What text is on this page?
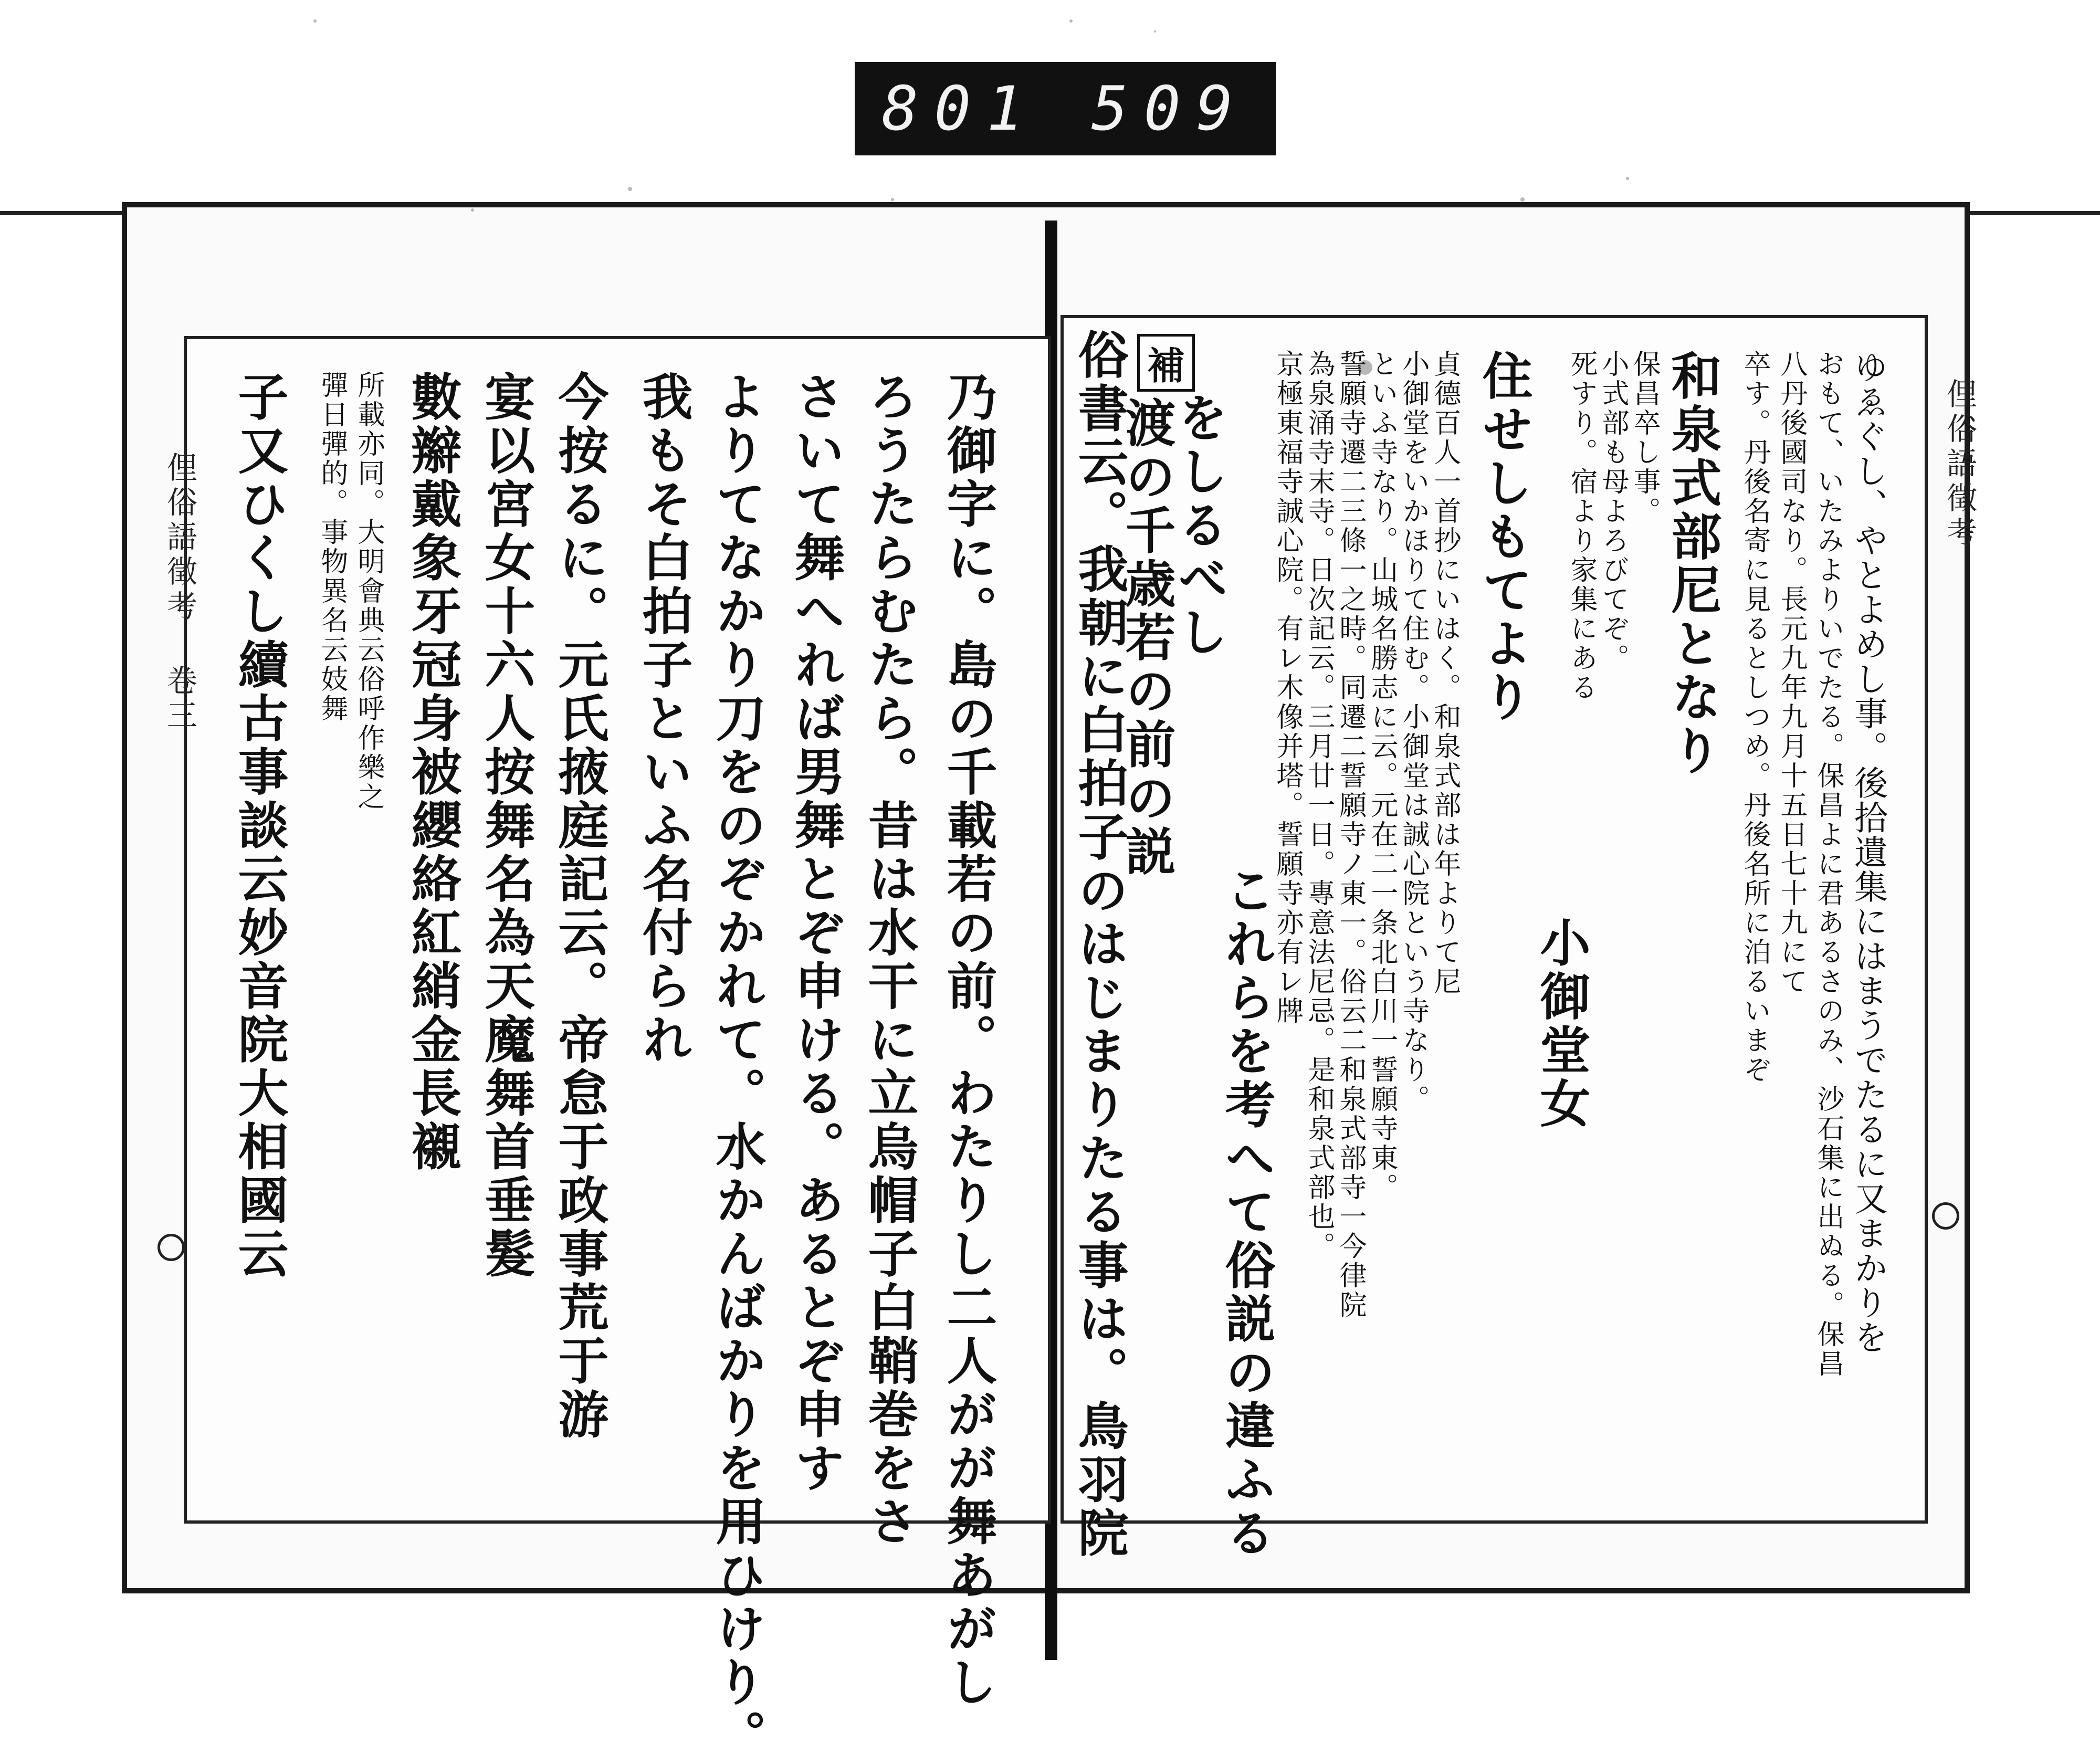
801 509
乃御字に。島の千載若の前。わたりし二人がが舞あがし
ろうたらむたら。昔は水干に立烏帽子白鞘巻をさ
さいて舞へれば男舞とぞ申ける。あるとぞ申す
よりてなかり刀をのぞかれて。水かんばかりを用ひけり。
我もそ白拍子といふ名付られ
今按るに。元氏掖庭記云。帝怠于政事荒于游
宴以宮女十六人按舞名為天魔舞首垂髮
數辮戴象牙冠身被纓絡紅綃金長襯
所載亦同。大明會典云俗呼作樂之
彈日彈的。事物異名云妓舞
子又ひくし續古事談云妙音院大相國云
俚俗語徵考 卷三	ゆゑぐし、やとよめし事。後拾遺集にはまうでたるに又まかりを
おもて、いたみよりいでたる。保昌よに君あるさのみ、沙石集に出ぬる。保昌
八丹後國司なり。長元九年九月十五日七十九にて
卒す。丹後名寄に見るとしつめ。丹後名所に泊るいまぞ
和泉式部尼となり
保昌卒し事。
小式部も母よろびてぞ。
死すり。宿より家集にある
小御堂女
住せしもてより
貞德百人一首抄にいはく。和泉式部は年よりて尼
小御堂をいかほりて住む。小御堂は誠心院という寺なり。
といふ寺なり。山城名勝志に云。元在二一条北白川一誓願寺東。
誓願寺遷二三條一之時。同遷二誓願寺ノ東一。俗云二和泉式部寺一今律院
為泉涌寺末寺。日次記云。三月廿一日。專意法尼忌。是和泉式部也。
京極東福寺誠心院。有レ木像并塔。誓願寺亦有レ牌
これらを考へて俗説の違ふる
をしるべし
補
渡の千歳若の前の説
俗書云。我朝に白拍子のはじまりたる事は。鳥羽院	俚俗語徵考
